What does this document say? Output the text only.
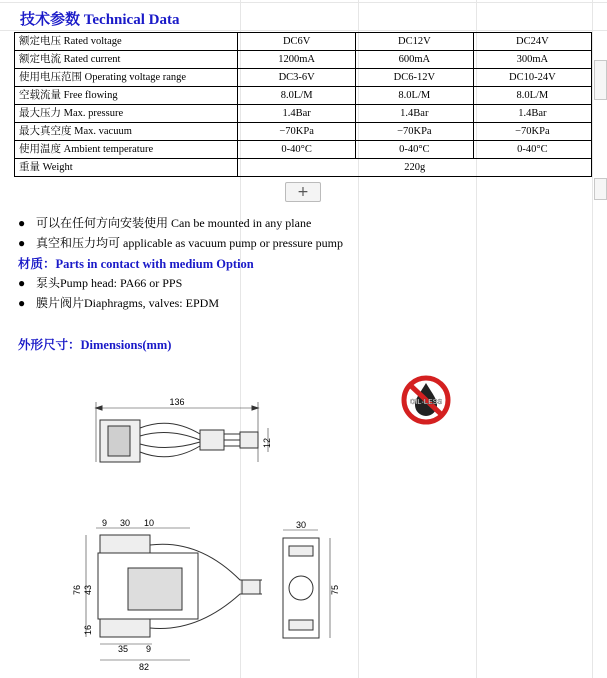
技术参数 Technical Data
额定电压 Rated voltage	DC6V	DC12V	DC24V
额定电流 Rated current	1200mA	600mA	300mA
使用电压范围 Operating voltage range	DC3-6V	DC6-12V	DC10-24V
空载流量 Free flowing	8.0L/M	8.0L/M	8.0L/M
最大压力 Max. pressure	1.4Bar	1.4Bar	1.4Bar
最大真空度 Max. vacuum	−70KPa	−70KPa	−70KPa
使用温度 Ambient temperature	0-40°C	0-40°C	0-40°C
重量 Weight	220g		
+
● 可以在任何方向安装使用 Can be mounted in any plane
● 真空和压力均可 applicable as vacuum pump or pressure pump
材质：Parts in contact with medium Option
● 泵头Pump head: PA66 or PPS
● 膜片阀片Diaphragms, valves: EPDM
外形尺寸：Dimensions(mm)
OIL-LESS
136
12
9 30 10
76 43
16
35 9
82
30
75
